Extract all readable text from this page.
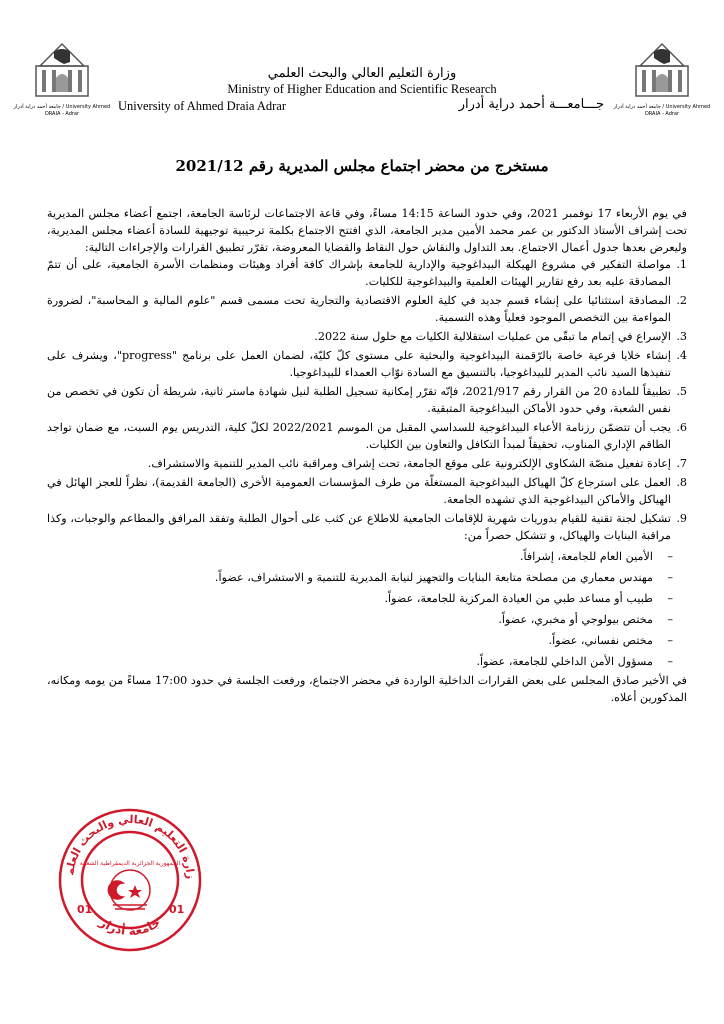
جامعة أحمد دراية أدرار / University Ahmed DRAIA - Adrar
جامعة أحمد دراية أدرار / University Ahmed DRAIA - Adrar
وزارة التعليم العالي والبحث العلمي
Ministry of Higher Education and Scientific Research
University of Ahmed Draia Adrar	جـــامعـــة أحمد دراية أدرار
مستخرج من محضر اجتماع مجلس المديرية رقم 2021/12

في يوم الأربعاء 17 نوفمبر 2021، وفي حدود الساعة 14:15 مساءً، وفي قاعة الاجتماعات لرئاسة الجامعة، اجتمع أعضاء مجلس المديرية تحت إشراف الأستاذ الدكتور بن عمر محمد الأمين مدير الجامعة، الذي افتتح الاجتماع بكلمة ترحيبية توجيهية للسادة أعضاء مجلس المديرية، وليعرض بعدها جدول أعمال الاجتماع. بعد التداول والنقاش حول النقاط والقضايا المعروضة، تقرّر تطبيق القرارات والإجراءات التالية:

1.
مواصلة التفكير في مشروع الهيكلة البيداغوجية والإدارية للجامعة بإشراك كافة أفراد وهيئات ومنظمات الأسرة الجامعية، على أن تتمّ المصادقة عليه بعد رفع تقارير الهيئات العلمية والبيداغوجية للكليات.
2.
المصادقة استثنائيا على إنشاء قسم جديد في كلية العلوم الاقتصادية والتجارية تحت مسمى قسم "علوم المالية و المحاسبة"، لضرورة المواءمة بين التخصص الموجود فعلياً وهذه التسمية.
3.
الإسراع في إتمام ما تبقّى من عمليات استقلالية الكليات مع حلول سنة 2022.
4.
إنشاء خلايا فرعية خاصة بالرّقمنة البيداغوجية والبحثية على مستوى كلّ كليّة، لضمان العمل على برنامج "progress"، ويشرف على تنفيذها السيد نائب المدير للبيداغوجيا، بالتنسيق مع السادة نوّاب العمداء للبيداغوجيا.
5.
تطبيقاً للمادة 20 من القرار رقم 2021/917، فإنّه تقرّر إمكانية تسجيل الطلبة لنيل شهادة ماستر ثانية، شريطة أن تكون في تخصص من نفس الشعبة، وفي حدود الأماكن البيداغوجية المتبقية.
6.
يجب أن تتضمّن رزنامة الأعباء البيداغوجية للسداسي المقبل من الموسم 2022/2021 لكلّ كلية، التدريس يوم السبت، مع ضمان تواجد الطاقم الإداري المناوب، تحقيقاً لمبدأ التكافل والتعاون بين الكليات.
7.
إعادة تفعيل منصّة الشكاوى الإلكترونية على موقع الجامعة، تحت إشراف ومراقبة نائب المدير للتنمية والاستشراف.
8.
العمل على استرجاع كلّ الهياكل البيداغوجية المستغلّة من طرف المؤسسات العمومية الأخرى (الجامعة القديمة)، نظراً للعجز الهائل في الهياكل والأماكن البيداغوجية الذي تشهده الجامعة.
9.
تشكيل لجنة تقنية للقيام بدوريات شهرية للإقامات الجامعية للاطلاع عن كثب على أحوال الطلبة وتفقد المرافق والمطاعم والوجبات، وكذا مراقبة البنايات والهياكل، و تتشكل حصراً من:
–
الأمين العام للجامعة، إشرافاً.
–
مهندس معماري من مصلحة متابعة البنايات والتجهيز لنيابة المديرية للتنمية و الاستشراف، عضواً.
–
طبيب أو مساعد طبي من العيادة المركزية للجامعة، عضواً.
–
مختص بيولوجي أو مخبري، عضواً.
–
مختص نفساني، عضواً.
–
مسؤول الأمن الداخلي للجامعة، عضواً.

في الأخير صادق المجلس على بعض القرارات الداخلية الواردة في محضر الاجتماع، ورفعت الجلسة في حدود 17:00 مساءً من يومه ومكانه، المذكورين أعلاه.

زارة التعليم العالي والبحث العلم
جامعة أدرار
الجمهورية الجزائرية الديمقراطية الشعبية
01	01
